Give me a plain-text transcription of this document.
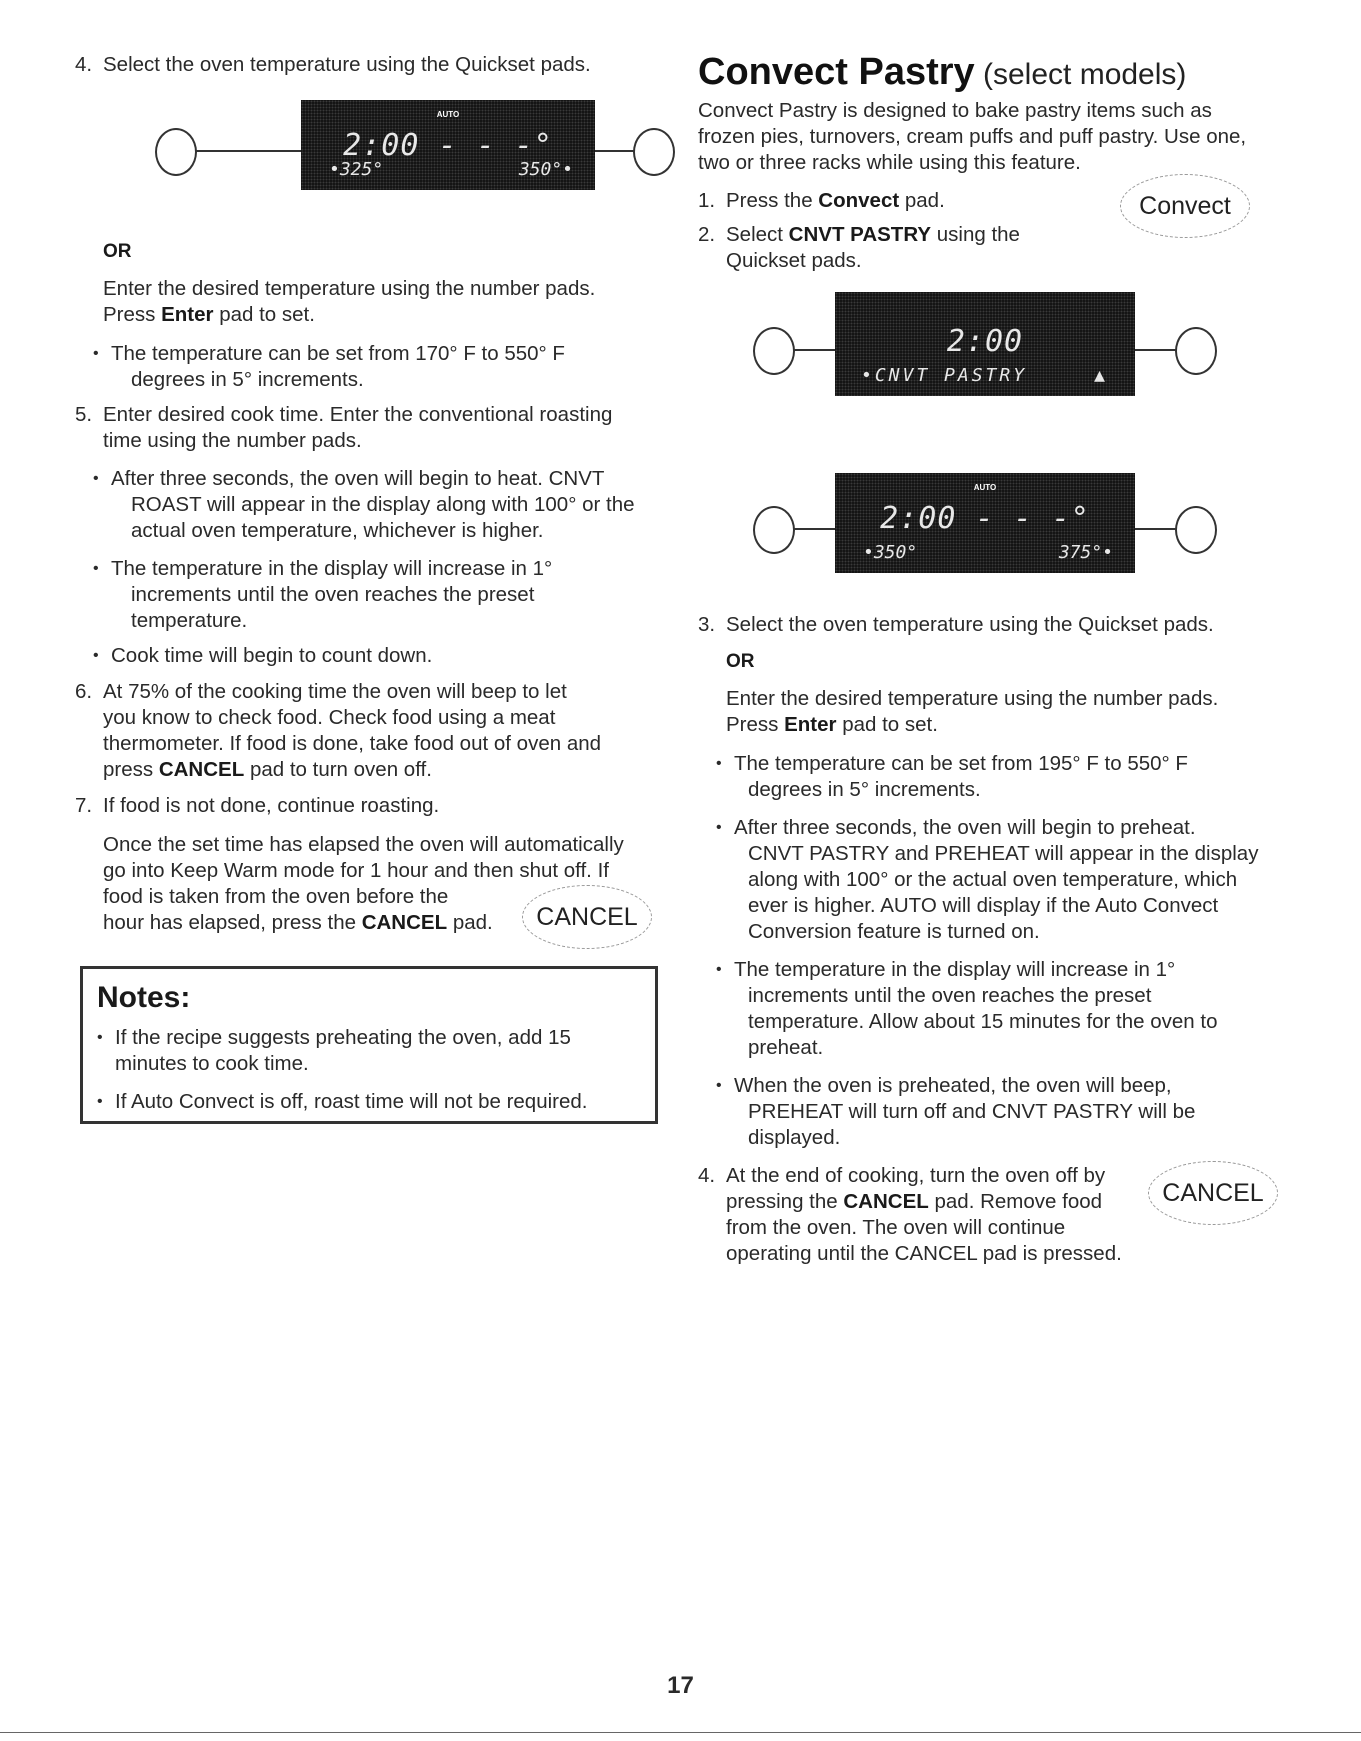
4. Select the oven temperature using the Quickset pads.

AUTO
2:00 - - -°
•325°	350°•

OR

Enter the desired temperature using the number pads.

Press Enter pad to set.

• The temperature can be set from 170° F to 550° F

degrees in 5° increments.

5. Enter desired cook time. Enter the conventional roasting

time using the number pads.

• After three seconds, the oven will begin to heat. CNVT

ROAST will appear in the display along with 100° or the

actual oven temperature, whichever is higher.

• The temperature in the display will increase in 1°

increments until the oven reaches the preset

temperature.

• Cook time will begin to count down.

6. At 75% of the cooking time the oven will beep to let

you know to check food. Check food using a meat

thermometer. If food is done, take food out of oven and

press CANCEL pad to turn oven off.

7. If food is not done, continue roasting.

Once the set time has elapsed the oven will automatically

go into Keep Warm mode for 1 hour and then shut off. If

food is taken from the oven before the

hour has elapsed, press the CANCEL pad.	CANCEL
Notes:

• If the recipe suggests preheating the oven, add 15

minutes to cook time.

• If Auto Convect is off, roast time will not be required.

Convect Pastry (select models)

Convect Pastry is designed to bake pastry items such as

frozen pies, turnovers, cream puffs and puff pastry. Use one,

two or three racks while using this feature.

1. Press the Convect pad.	Convect

2. Select CNVT PASTRY using the

Quickset pads.

2:00
•CNVT PASTRY	▲
AUTO
2:00 - - -°
•350°	375°•

3. Select the oven temperature using the Quickset pads.

OR

Enter the desired temperature using the number pads.

Press Enter pad to set.

• The temperature can be set from 195° F to 550° F

degrees in 5° increments.

• After three seconds, the oven will begin to preheat.

CNVT PASTRY and PREHEAT will appear in the display

along with 100° or the actual oven temperature, which

ever is higher. AUTO will display if the Auto Convect

Conversion feature is turned on.

• The temperature in the display will increase in 1°

increments until the oven reaches the preset

temperature. Allow about 15 minutes for the oven to

preheat.

• When the oven is preheated, the oven will beep,

PREHEAT will turn off and CNVT PASTRY will be

displayed.

4. At the end of cooking, turn the oven off by

pressing the CANCEL pad. Remove food

from the oven. The oven will continue

operating until the CANCEL pad is pressed.

CANCEL
17
